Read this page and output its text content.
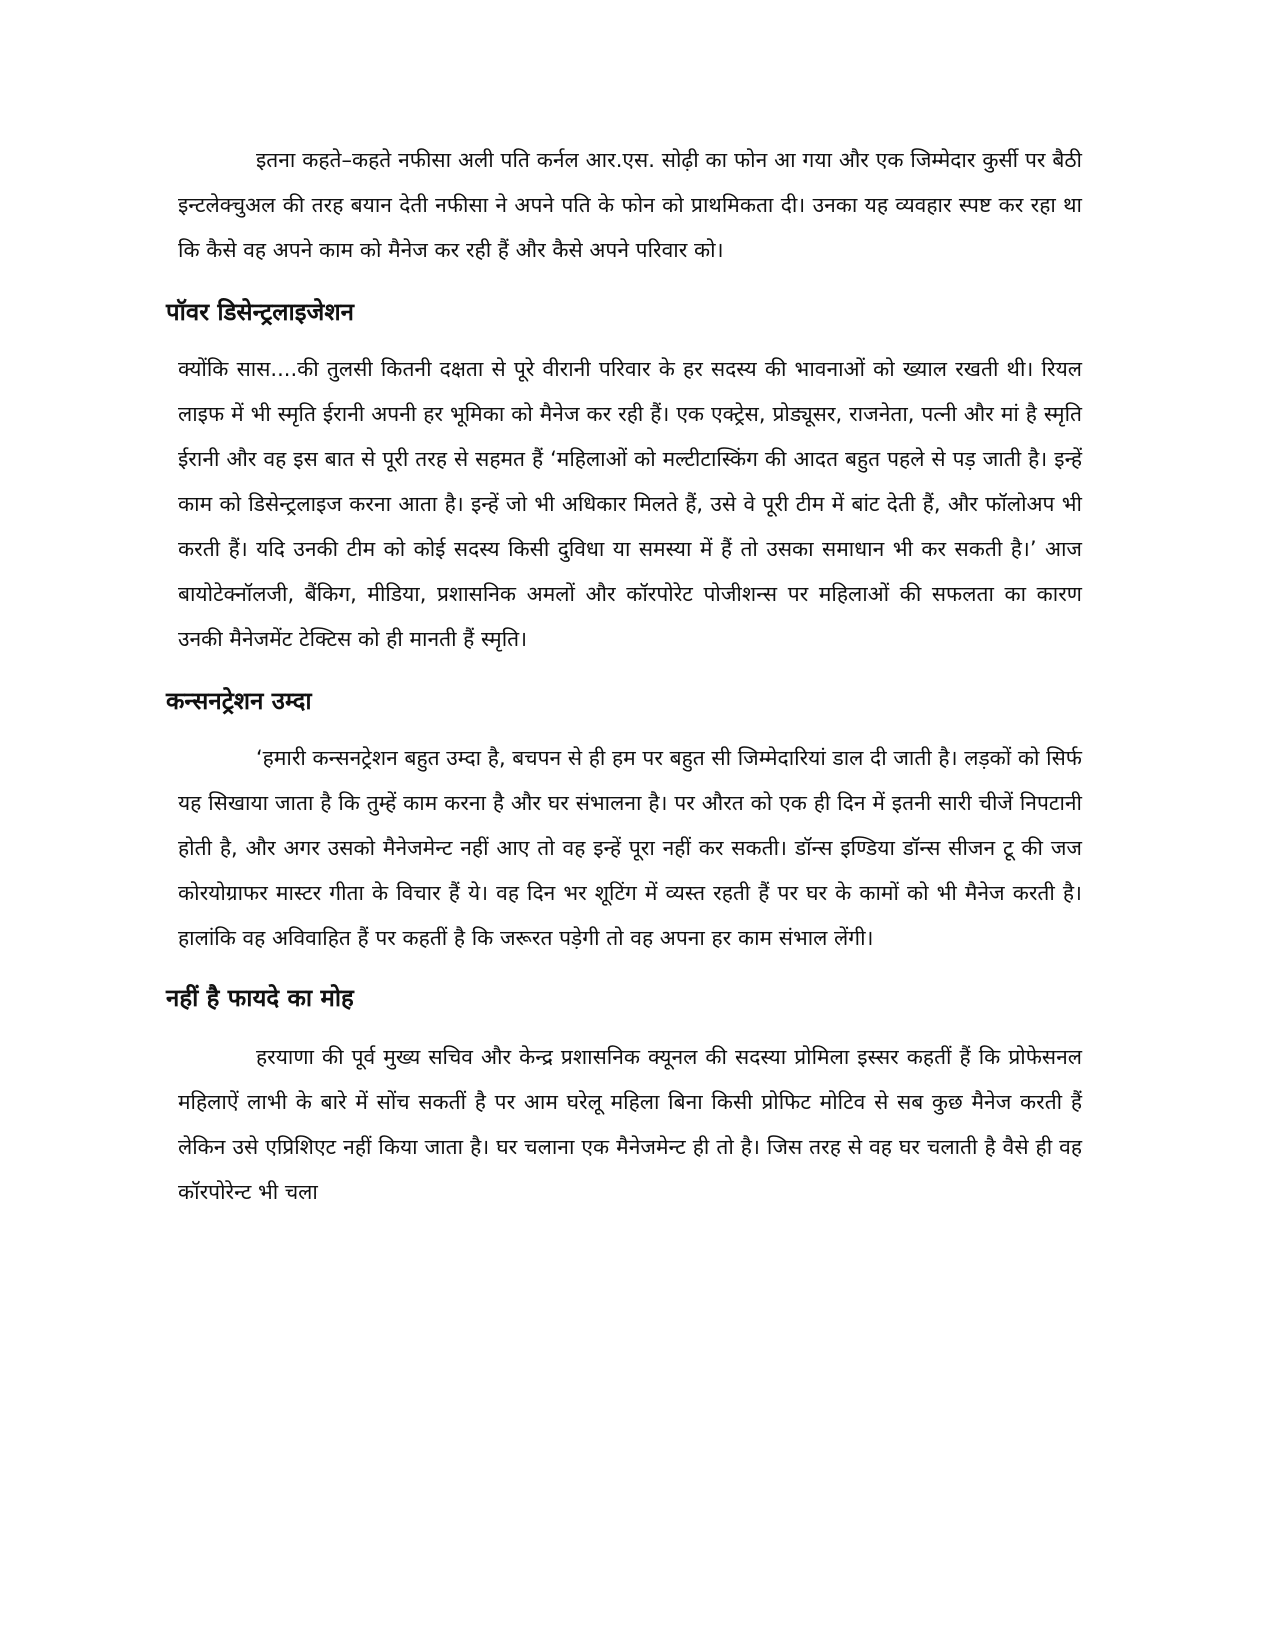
इतना कहते–कहते नफीसा अली पति कर्नल आर.एस. सोढ़ी का फोन आ गया और एक जिम्मेदार कुर्सी पर बैठी इन्टलेक्चुअल की तरह बयान देती नफीसा ने अपने पति के फोन को प्राथमिकता दी। उनका यह व्यवहार स्पष्ट कर रहा था कि कैसे वह अपने काम को मैनेज कर रही हैं और कैसे अपने परिवार को।

पॉवर डिसेन्ट्रलाइजेशन

क्योंकि सास....की तुलसी कितनी दक्षता से पूरे वीरानी परिवार के हर सदस्य की भावनाओं को ख्याल रखती थी। रियल लाइफ में भी स्मृति ईरानी अपनी हर भूमिका को मैनेज कर रही हैं। एक एक्ट्रेस, प्रोड्यूसर, राजनेता, पत्नी और मां है स्मृति ईरानी और वह इस बात से पूरी तरह से सहमत हैं ‘महिलाओं को मल्टीटास्किंग की आदत बहुत पहले से पड़ जाती है। इन्हें काम को डिसेन्ट्रलाइज करना आता है। इन्हें जो भी अधिकार मिलते हैं, उसे वे पूरी टीम में बांट देती हैं, और फॉलोअप भी करती हैं। यदि उनकी टीम को कोई सदस्य किसी दुविधा या समस्या में हैं तो उसका समाधान भी कर सकती है।’ आज बायोटेक्नॉलजी, बैंकिग, मीडिया, प्रशासनिक अमलों और कॉरपोरेट पोजीशन्स पर महिलाओं की सफलता का कारण उनकी मैनेजमेंट टेक्टिस को ही मानती हैं स्मृति।

कन्सनट्रेशन उम्दा

‘हमारी कन्सनट्रेशन बहुत उम्दा है, बचपन से ही हम पर बहुत सी जिम्मेदारियां डाल दी जाती है। लड़कों को सिर्फ यह सिखाया जाता है कि तुम्हें काम करना है और घर संभालना है। पर औरत को एक ही दिन में इतनी सारी चीजें निपटानी होती है, और अगर उसको मैनेजमेन्ट नहीं आए तो वह इन्हें पूरा नहीं कर सकती। डॉन्स इण्डिया डॉन्स सीजन टू की जज कोरयोग्राफर मास्टर गीता के विचार हैं ये। वह दिन भर शूटिंग में व्यस्त रहती हैं पर घर के कामों को भी मैनेज करती है। हालांकि वह अविवाहित हैं पर कहतीं है कि जरूरत पड़ेगी तो वह अपना हर काम संभाल लेंगी।

नहीं है फायदे का मोह

हरयाणा की पूर्व मुख्य सचिव और केन्द्र प्रशासनिक क्यूनल की सदस्या प्रोमिला इस्सर कहतीं हैं कि प्रोफेसनल महिलाऐं लाभी के बारे में सोंच सकतीं है पर आम घरेलू महिला बिना किसी प्रोफिट मोटिव से सब कुछ मैनेज करती हैं लेकिन उसे एप्रिशिएट नहीं किया जाता है। घर चलाना एक मैनेजमेन्ट ही तो है। जिस तरह से वह घर चलाती है वैसे ही वह कॉरपोरेन्ट भी चला
